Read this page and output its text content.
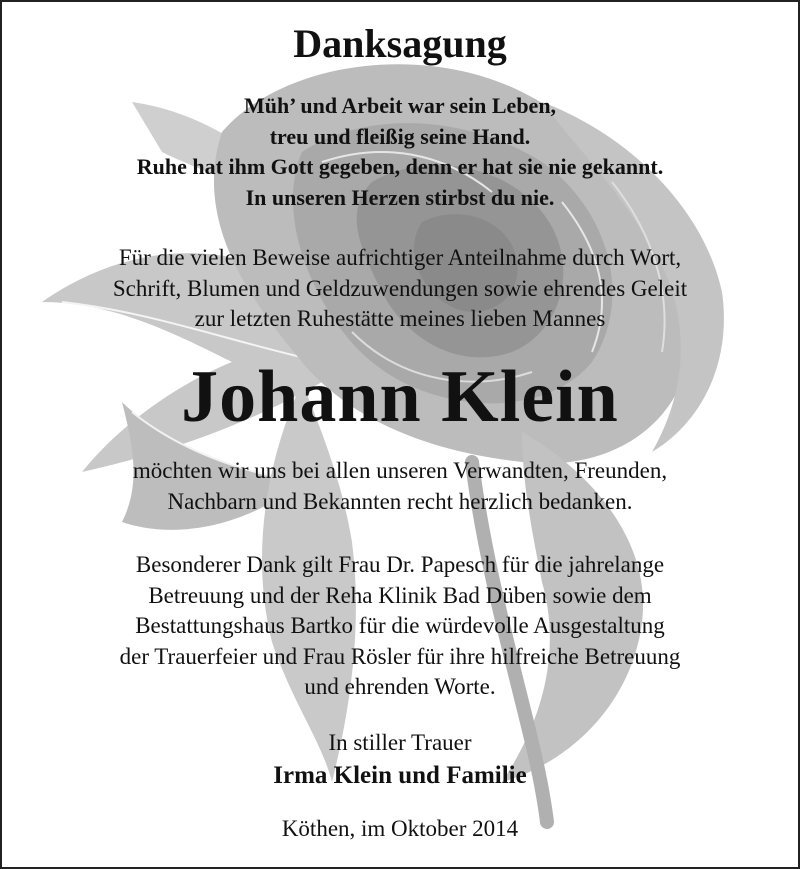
Danksagung
Müh’ und Arbeit war sein Leben,
treu und fleißig seine Hand.
Ruhe hat ihm Gott gegeben, denn er hat sie nie gekannt.
In unseren Herzen stirbst du nie.
Für die vielen Beweise aufrichtiger Anteilnahme durch Wort,
Schrift, Blumen und Geldzuwendungen sowie ehrendes Geleit
zur letzten Ruhestätte meines lieben Mannes
Johann Klein
möchten wir uns bei allen unseren Verwandten, Freunden,
Nachbarn und Bekannten recht herzlich bedanken.
Besonderer Dank gilt Frau Dr. Papesch für die jahrelange
Betreuung und der Reha Klinik Bad Düben sowie dem
Bestattungshaus Bartko für die würdevolle Ausgestaltung
der Trauerfeier und Frau Rösler für ihre hilfreiche Betreuung
und ehrenden Worte.
In stiller Trauer
Irma Klein und Familie
Köthen, im Oktober 2014
